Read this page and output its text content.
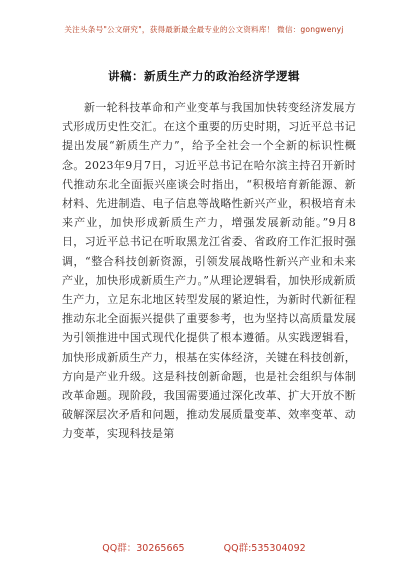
关注头条号"公文研究"，获得最新最全最专业的公文资料库！ 微信：gongwenyj
讲稿：新质生产力的政治经济学逻辑

新一轮科技革命和产业变革与我国加快转变经济发展方式形成历史性交汇。在这个重要的历史时期，习近平总书记提出发展“新质生产力”，给予全社会一个全新的标识性概念。2023年9月7日，习近平总书记在哈尔滨主持召开新时代推动东北全面振兴座谈会时指出，“积极培育新能源、新材料、先进制造、电子信息等战略性新兴产业，积极培育未来产业，加快形成新质生产力，增强发展新动能。”9月8日，习近平总书记在听取黑龙江省委、省政府工作汇报时强调，“整合科技创新资源，引领发展战略性新兴产业和未来产业，加快形成新质生产力。”从理论逻辑看，加快形成新质生产力，立足东北地区转型发展的紧迫性，为新时代新征程推动东北全面振兴提供了重要参考，也为坚持以高质量发展为引领推进中国式现代化提供了根本遵循。从实践逻辑看，加快形成新质生产力，根基在实体经济，关键在科技创新，方向是产业升级。这是科技创新命题，也是社会组织与体制改革命题。现阶段，我国需要通过深化改革、扩大开放不断破解深层次矛盾和问题，推动发展质量变革、效率变革、动力变革，实现科技是第

QQ群：30265665	QQ群:535304092
